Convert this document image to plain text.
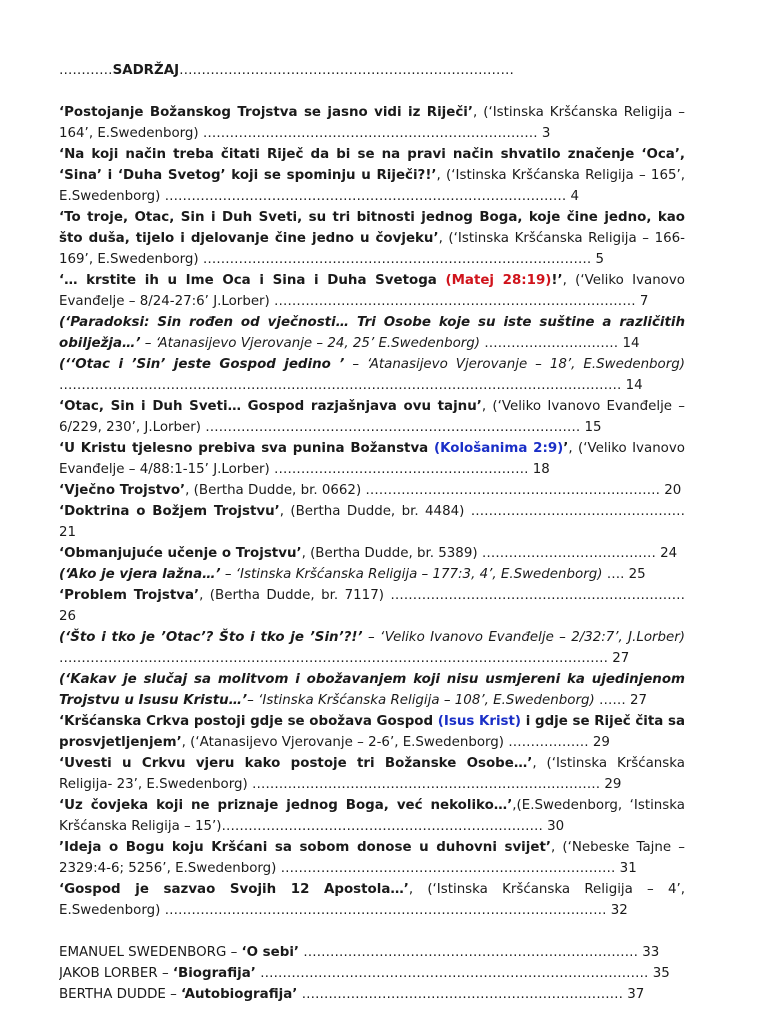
…………SADRŽAJ…………………………………………………………………

‘Postojanje Božanskog Trojstva se jasno vidi iz Riječi’, (‘Istinska Kršćanska Religija – 164’, E.Swedenborg) ………………………………………………………………… 3

‘Na koji način treba čitati Riječ da bi se na pravi način shvatilo značenje ‘Oca’, ‘Sina’ i ‘Duha Svetog’ koji se spominju u Riječi?!’, (‘Istinska Kršćanska Religija – 165’, E.Swedenborg) ……………………………………………………………………………… 4

‘To troje, Otac, Sin i Duh Sveti, su tri bitnosti jednog Boga, koje čine jedno, kao što duša, tijelo i djelovanje čine jedno u čovjeku’, (‘Istinska Kršćanska Religija – 166-169’, E.Swedenborg) …………………………………………………………………………… 5

‘… krstite ih u Ime Oca i Sina i Duha Svetoga (Matej 28:19)!’, (‘Veliko Ivanovo Evanđelje – 8/24-27:6’ J.Lorber) ……………………………………………………………………… 7

(‘Paradoksi: Sin rođen od vječnosti… Tri Osobe koje su iste suštine a različitih obilježja…’ – ‘Atanasijevo Vjerovanje – 24, 25’ E.Swedenborg) ………………………… 14

(‘‘Otac i ’Sin’ jeste Gospod jedino ’ – ‘Atanasijevo Vjerovanje – 18’, E.Swedenborg) ……………………………………………………………………………………………………………… 14

‘Otac, Sin i Duh Sveti… Gospod razjašnjava ovu tajnu’, (‘Veliko Ivanovo Evanđelje – 6/229, 230’, J.Lorber) ………………………………………………………………………… 15

‘U Kristu tjelesno prebiva sva punina Božanstva (Kološanima 2:9)’, (‘Veliko Ivanovo Evanđelje – 4/88:1-15’ J.Lorber) ………………………………………………… 18

‘Vječno Trojstvo’, (Bertha Dudde, br. 0662) ………………………………………………………… 20

‘Doktrina o Božjem Trojstvu’, (Bertha Dudde, br. 4484) ………………………………………… 21

‘Obmanjujuće učenje o Trojstvu’, (Bertha Dudde, br. 5389) ………………………………… 24

(‘Ako je vjera lažna…’ – ‘Istinska Kršćanska Religija – 177:3, 4’, E.Swedenborg) …. 25

‘Problem Trojstva’, (Bertha Dudde, br. 7117) ………………………………………………………… 26

(‘Što i tko je ’Otac’? Što i tko je ’Sin’?!’ – ‘Veliko Ivanovo Evanđelje – 2/32:7’, J.Lorber) …………………………………………………………………………………………………………… 27

(‘Kakav je slučaj sa molitvom i obožavanjem koji nisu usmjereni ka ujedinjenom Trojstvu u Isusu Kristu…’– ‘Istinska Kršćanska Religija – 108’, E.Swedenborg) …… 27

‘Kršćanska Crkva postoji gdje se obožava Gospod (Isus Krist) i gdje se Riječ čita sa prosvjetljenjem’, (‘Atanasijevo Vjerovanje – 2-6’, E.Swedenborg) ……………… 29

‘Uvesti u Crkvu vjeru kako postoje tri Božanske Osobe…’, (‘Istinska Kršćanska Religija- 23’, E.Swedenborg) …………………………………………………………………… 29

‘Uz čovjeka koji ne priznaje jednog Boga, već nekoliko…’,(E.Swedenborg, ‘Istinska Kršćanska Religija – 15’)……………………………………………………………… 30

’Ideja o Bogu koju Kršćani sa sobom donose u duhovni svijet’, (‘Nebeske Tajne – 2329:4-6; 5256’, E.Swedenborg) ………………………………………………………………… 31

‘Gospod je sazvao Svojih 12 Apostola…’, (‘Istinska Kršćanska Religija – 4’, E.Swedenborg) ……………………………………………………………………………………… 32

EMANUEL SWEDENBORG – ‘O sebi’ ………………………………………………………………… 33

JAKOB LORBER – ‘Biografija’ …………………………………………………………………………… 35

BERTHA DUDDE – ‘Autobiografija’ ……………………………………………………………… 37
